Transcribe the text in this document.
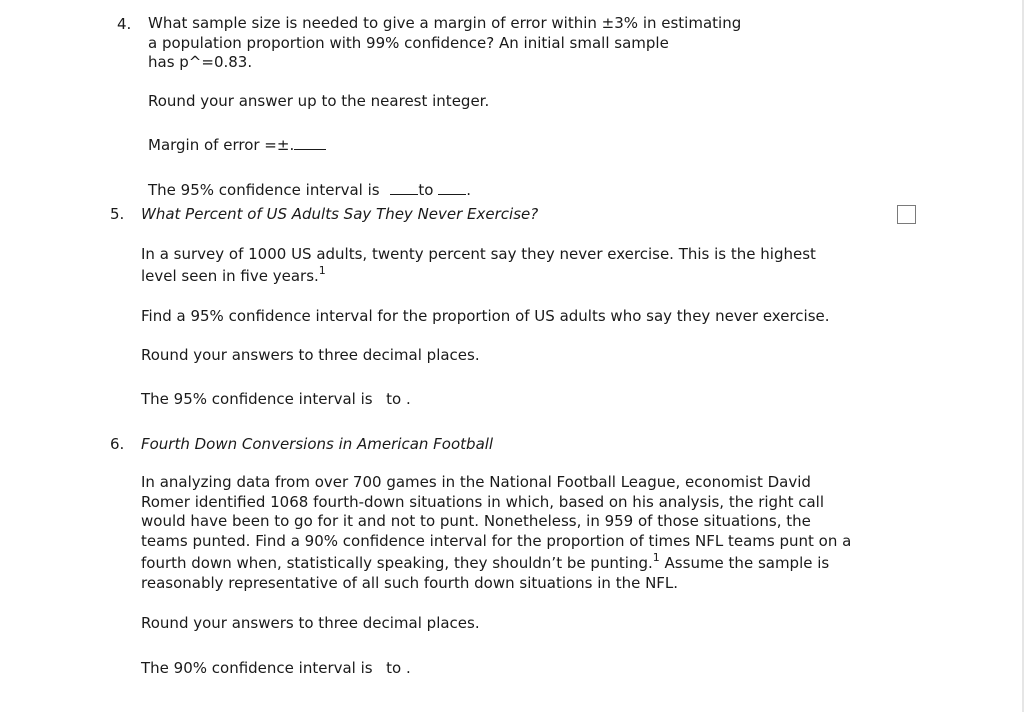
4.	What sample size is needed to give a margin of error within ±3% in estimating
a population proportion with 99% confidence? An initial small sample
has p^=0.83.
Round your answer up to the nearest integer.
Margin of error =±.
The 95% confidence interval is	to .
5.	What Percent of US Adults Say They Never Exercise?
In a survey of 1000 US adults, twenty percent say they never exercise. This is the highest
level seen in five years.$^1$
Find a 95% confidence interval for the proportion of US adults who say they never exercise.
Round your answers to three decimal places.
The 95% confidence interval is to .
6.	Fourth Down Conversions in American Football
In analyzing data from over 700 games in the National Football League, economist David
Romer identified 1068 fourth-down situations in which, based on his analysis, the right call
would have been to go for it and not to punt. Nonetheless, in 959 of those situations, the
teams punted. Find a 90% confidence interval for the proportion of times NFL teams punt on a
fourth down when, statistically speaking, they shouldn’t be punting.$^1$ Assume the sample is
reasonably representative of all such fourth down situations in the NFL.
Round your answers to three decimal places.
The 90% confidence interval is to .
